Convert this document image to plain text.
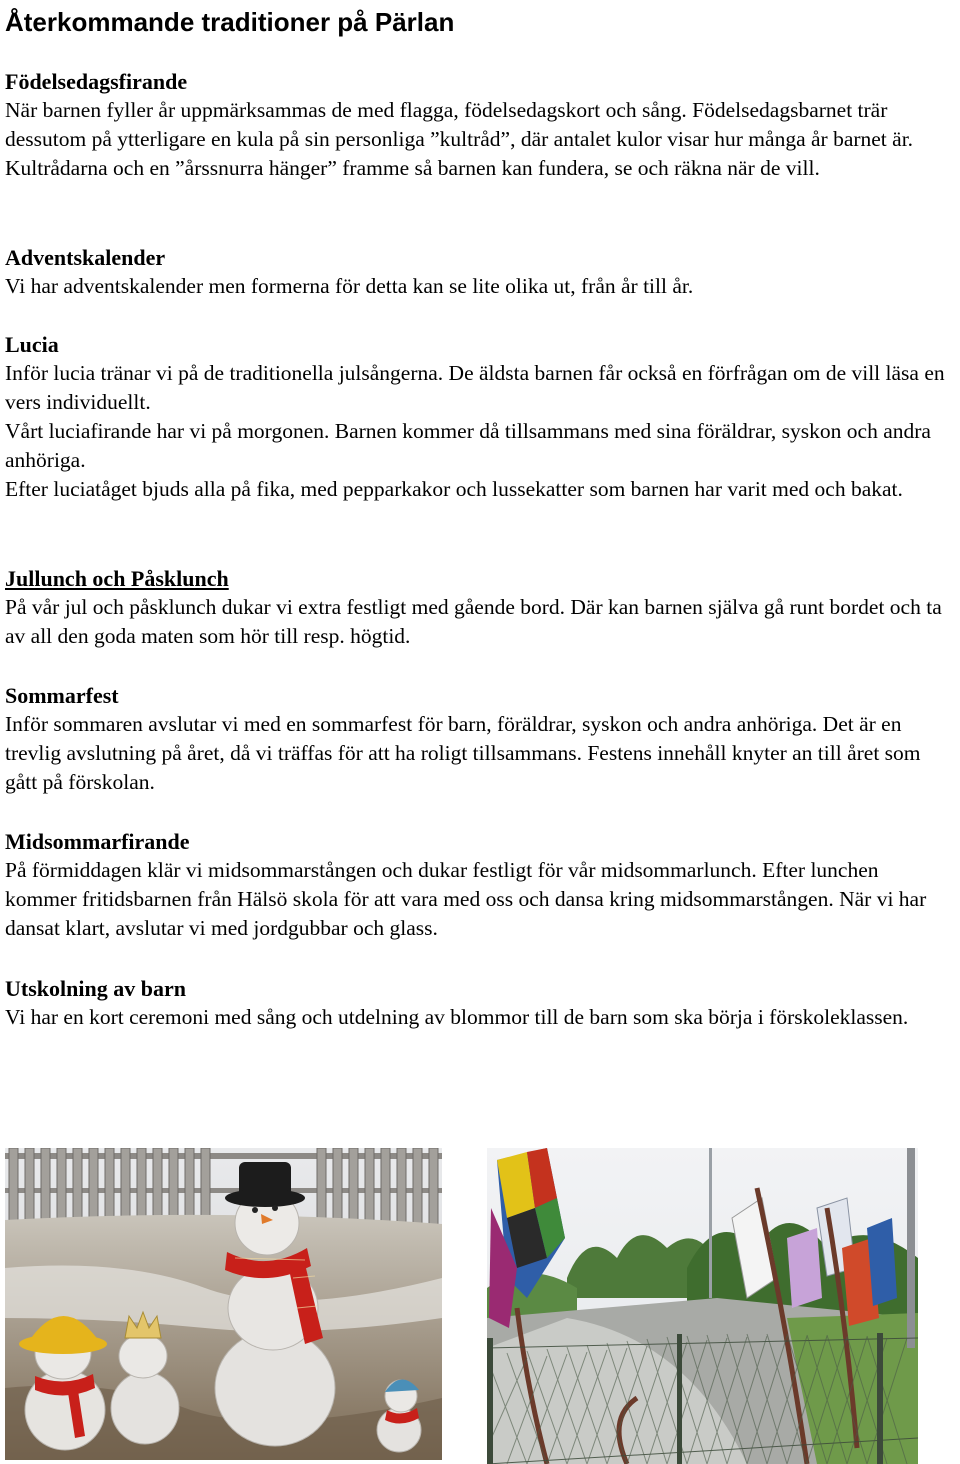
Återkommande traditioner på Pärlan
Födelsedagsfirande

När barnen fyller år uppmärksammas de med flagga, födelsedagskort och sång. Födelsedagsbarnet trär dessutom på ytterligare en kula på sin personliga ”kultråd”, där antalet kulor visar hur många år barnet är. Kultrådarna och en ”årssnurra hänger” framme så barnen kan fundera, se och räkna när de vill.

Adventskalender

Vi har adventskalender men formerna för detta kan se lite olika ut, från år till år.

Lucia

Inför lucia tränar vi på de traditionella julsångerna. De äldsta barnen får också en förfrågan om de vill läsa en vers individuellt.

Vårt luciafirande har vi på morgonen. Barnen kommer då tillsammans med sina föräldrar, syskon och andra anhöriga.

Efter luciatåget bjuds alla på fika, med pepparkakor och lussekatter som barnen har varit med och bakat.

Jullunch och Påsklunch

På vår jul och påsklunch dukar vi extra festligt med gående bord. Där kan barnen själva gå runt bordet och ta av all den goda maten som hör till resp. högtid.

Sommarfest

Inför sommaren avslutar vi med en sommarfest för barn, föräldrar, syskon och andra anhöriga. Det är en trevlig avslutning på året, då vi träffas för att ha roligt tillsammans. Festens innehåll knyter an till året som gått på förskolan.

Midsommarfirande

På förmiddagen klär vi midsommarstången och dukar festligt för vår midsommarlunch. Efter lunchen kommer fritidsbarnen från Hälsö skola för att vara med oss och dansa kring midsommarstången. När vi har dansat klart, avslutar vi med jordgubbar och glass.

Utskolning av barn

Vi har en kort ceremoni med sång och utdelning av blommor till de barn som ska börja i förskoleklassen.
